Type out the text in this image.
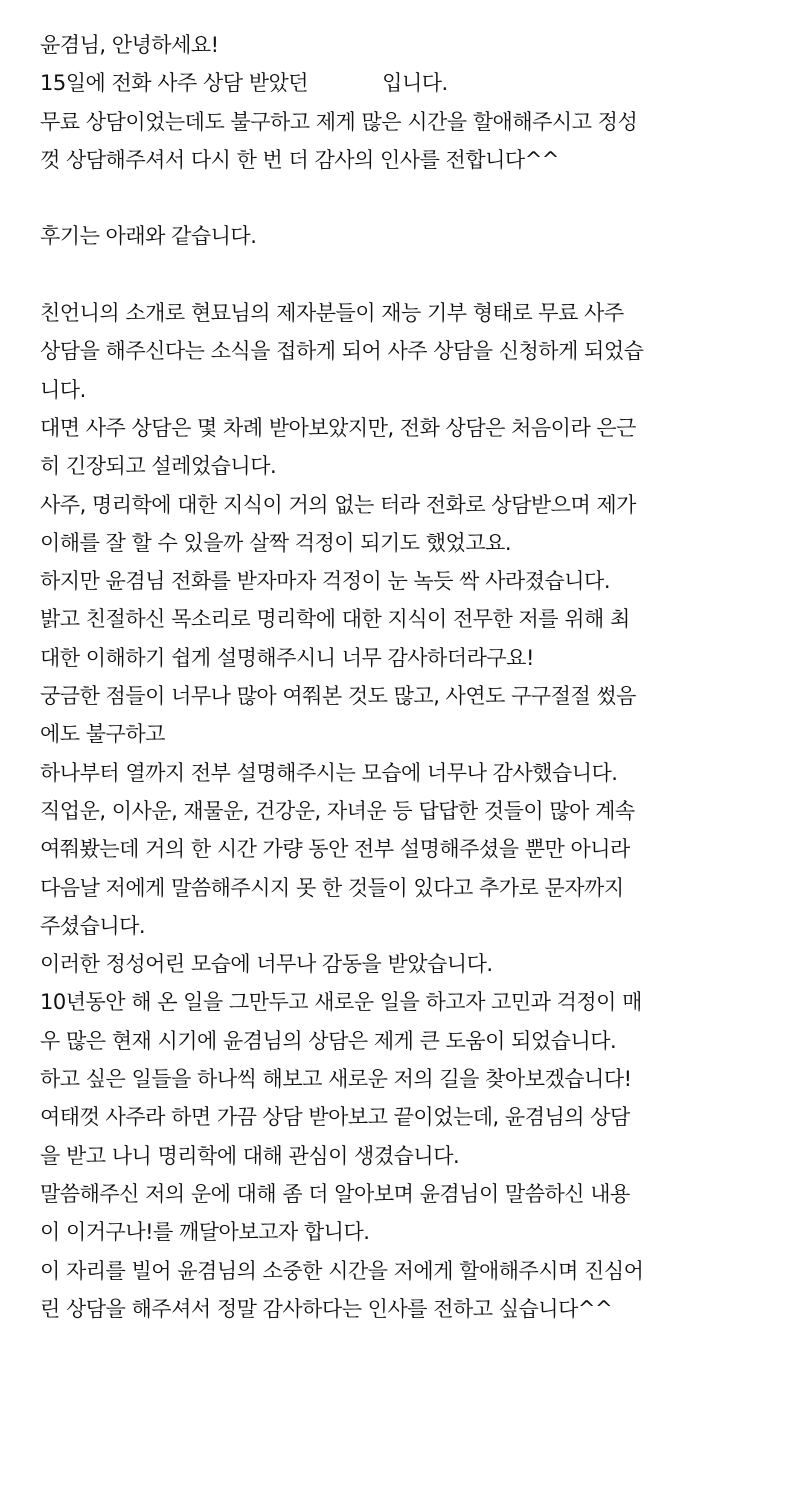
윤겸님, 안녕하세요!
15일에 전화 사주 상담 받았던            입니다.
무료 상담이었는데도 불구하고 제게 많은 시간을 할애해주시고 정성
껏 상담해주셔서 다시 한 번 더 감사의 인사를 전합니다^^
후기는 아래와 같습니다.
친언니의 소개로 현묘님의 제자분들이 재능 기부 형태로 무료 사주
상담을 해주신다는 소식을 접하게 되어 사주 상담을 신청하게 되었습
니다.
대면 사주 상담은 몇 차례 받아보았지만, 전화 상담은 처음이라 은근
히 긴장되고 설레었습니다.
사주, 명리학에 대한 지식이 거의 없는 터라 전화로 상담받으며 제가
이해를 잘 할 수 있을까 살짝 걱정이 되기도 했었고요.
하지만 윤겸님 전화를 받자마자 걱정이 눈 녹듯 싹 사라졌습니다.
밝고 친절하신 목소리로 명리학에 대한 지식이 전무한 저를 위해 최
대한 이해하기 쉽게 설명해주시니 너무 감사하더라구요!
궁금한 점들이 너무나 많아 여쭤본 것도 많고, 사연도 구구절절 썼음
에도 불구하고
하나부터 열까지 전부 설명해주시는 모습에 너무나 감사했습니다.
직업운, 이사운, 재물운, 건강운, 자녀운 등 답답한 것들이 많아 계속
여쭤봤는데 거의 한 시간 가량 동안 전부 설명해주셨을 뿐만 아니라
다음날 저에게 말씀해주시지 못 한 것들이 있다고 추가로 문자까지
주셨습니다.
이러한 정성어린 모습에 너무나 감동을 받았습니다.
10년동안 해 온 일을 그만두고 새로운 일을 하고자 고민과 걱정이 매
우 많은 현재 시기에 윤겸님의 상담은 제게 큰 도움이 되었습니다.
하고 싶은 일들을 하나씩 해보고 새로운 저의 길을 찾아보겠습니다!
여태껏 사주라 하면 가끔 상담 받아보고 끝이었는데, 윤겸님의 상담
을 받고 나니 명리학에 대해 관심이 생겼습니다.
말씀해주신 저의 운에 대해 좀 더 알아보며 윤겸님이 말씀하신 내용
이 이거구나!를 깨달아보고자 합니다.
이 자리를 빌어 윤겸님의 소중한 시간을 저에게 할애해주시며 진심어
린 상담을 해주셔서 정말 감사하다는 인사를 전하고 싶습니다^^
